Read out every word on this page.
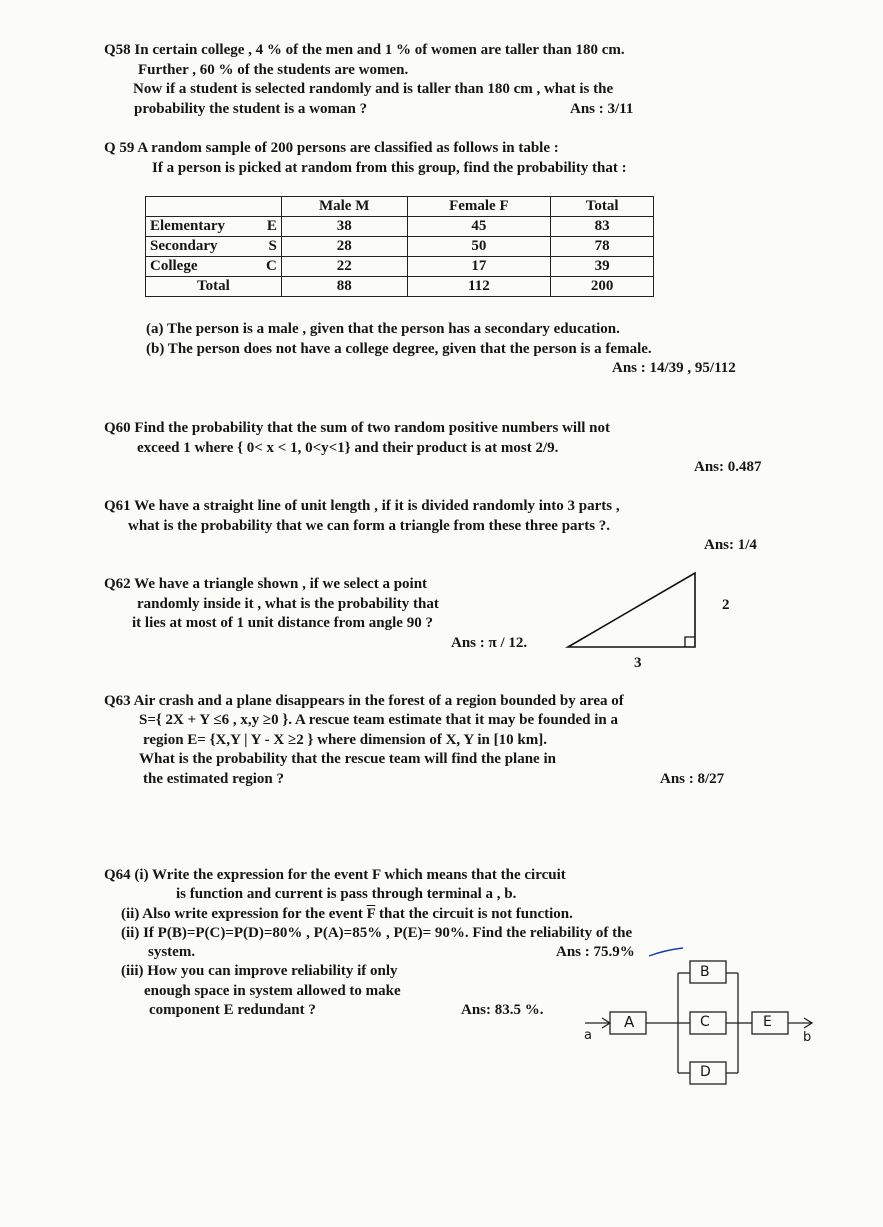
Q58 In certain college , 4 % of the men and 1 % of women are taller than 180 cm.
Further , 60 % of the students are women.
Now if a student is selected randomly and is taller than 180 cm , what is the
probability the student is a woman ?	Ans : 3/11
Q 59 A random sample of 200 persons are classified as follows in table :
If a person is picked at random from this group, find the probability that :
	Male M	Female F	Total

Elementary E	38	45	83

Secondary S	28	50	78

College C	22	17	39
Total	88	112	200
(a) The person is a male , given that the person has a secondary education.
(b) The person does not have a college degree, given that the person is a female.
Ans : 14/39 , 95/112
Q60 Find the probability that the sum of two random positive numbers will not
exceed 1 where { 0< x < 1, 0<y<1} and their product is at most 2/9.
Ans: 0.487
Q61 We have a straight line of unit length , if it is divided randomly into 3 parts ,
what is the probability that we can form a triangle from these three parts ?.
Ans: 1/4
Q62 We have a triangle shown , if we select a point
randomly inside it , what is the probability that
it lies at most of 1 unit distance from angle 90 ?
Ans : π / 12.
2
3
Q63 Air crash and a plane disappears in the forest of a region bounded by area of
S={ 2X + Y ≤6 , x,y ≥0 }. A rescue team estimate that it may be founded in a
region E= {X,Y | Y - X ≥2 } where dimension of X, Y in [10 km].
What is the probability that the rescue team will find the plane in
the estimated region ?	Ans : 8/27
Q64 (i) Write the expression for the event F which means that the circuit
is function and current is pass through terminal a , b.
(ii) Also write expression for the event $\overline{F}$ that the circuit is not function.
(ii) If P(B)=P(C)=P(D)=80% , P(A)=85% , P(E)= 90%. Find the reliability of the
system.	Ans : 75.9%
(iii) How you can improve reliability if only
enough space in system allowed to make
component E redundant ?	Ans: 83.5 %.
A
B
C
D
E
a	b
